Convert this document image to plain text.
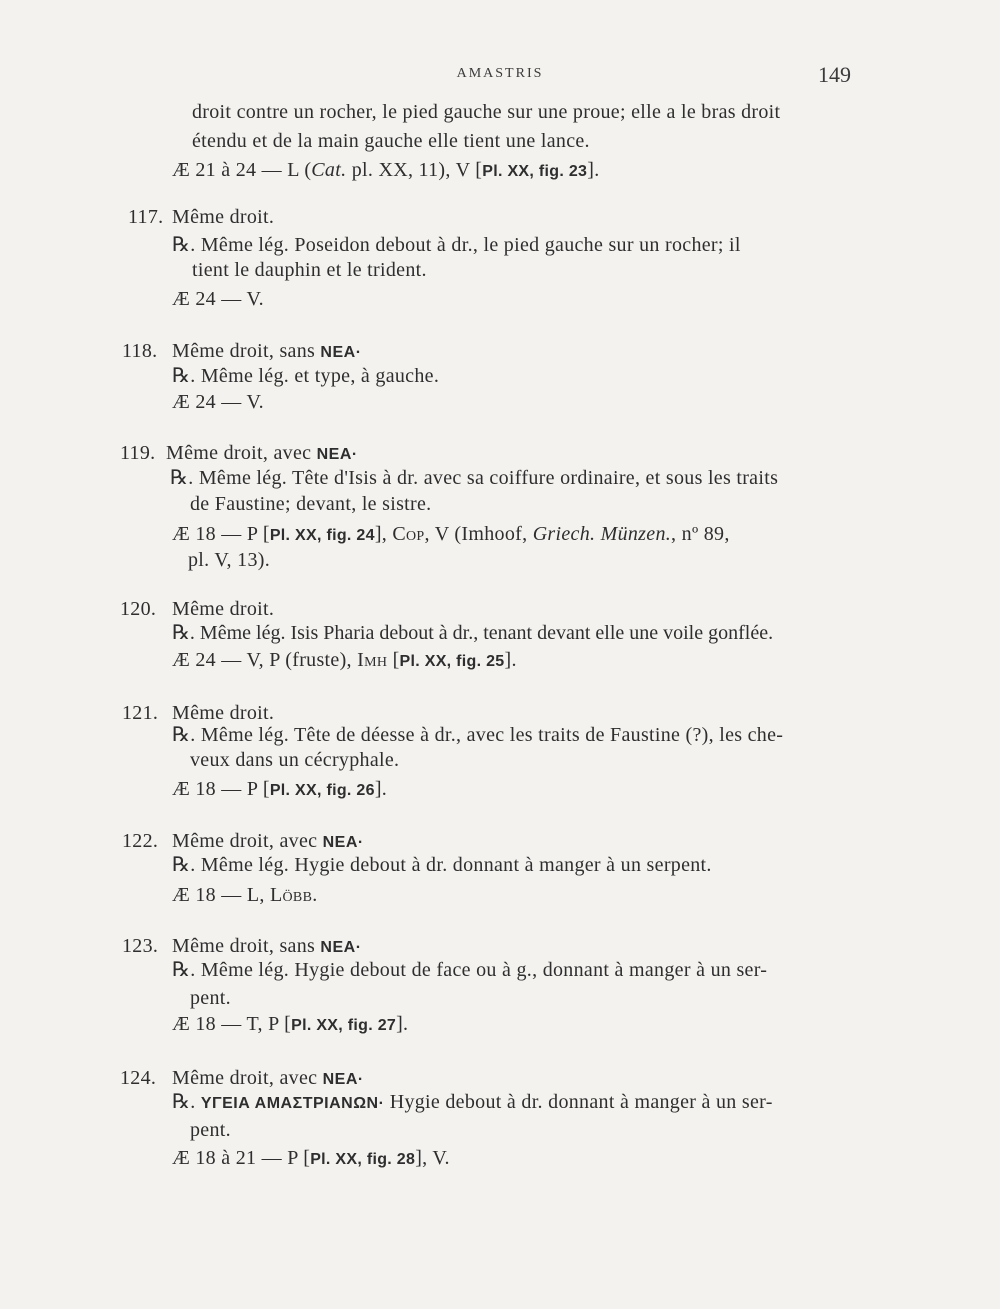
AMASTRIS	149
droit contre un rocher, le pied gauche sur une proue; elle a le bras droit
étendu et de la main gauche elle tient une lance.
Æ 21 à 24 — L (Cat. pl. XX, 11), V [Pl. XX, fig. 23].
117. Même droit.
℞. Même lég. Poseidon debout à dr., le pied gauche sur un rocher; il
tient le dauphin et le trident.
Æ 24 — V.
118. Même droit, sans NEA·
℞. Même lég. et type, à gauche.
Æ 24 — V.
119. Même droit, avec NEA·
℞. Même lég. Tête d'Isis à dr. avec sa coiffure ordinaire, et sous les traits
de Faustine; devant, le sistre.
Æ 18 — P [Pl. XX, fig. 24], Cop, V (Imhoof, Griech. Münzen., nº 89,
pl. V, 13).
120. Même droit.
℞. Même lég. Isis Pharia debout à dr., tenant devant elle une voile gonflée.
Æ 24 — V, P (fruste), Imh [Pl. XX, fig. 25].
121. Même droit.
℞. Même lég. Tête de déesse à dr., avec les traits de Faustine (?), les che-
veux dans un cécryphale.
Æ 18 — P [Pl. XX, fig. 26].
122. Même droit, avec NEA·
℞. Même lég. Hygie debout à dr. donnant à manger à un serpent.
Æ 18 — L, Löbb.
123. Même droit, sans NEA·
℞. Même lég. Hygie debout de face ou à g., donnant à manger à un ser-
pent.
Æ 18 — T, P [Pl. XX, fig. 27].
124. Même droit, avec NEA·
℞. ΥΓΕΙΑ ΑΜΑΣΤΡΙΑΝΩΝ· Hygie debout à dr. donnant à manger à un ser-
pent.
Æ 18 à 21 — P [Pl. XX, fig. 28], V.
